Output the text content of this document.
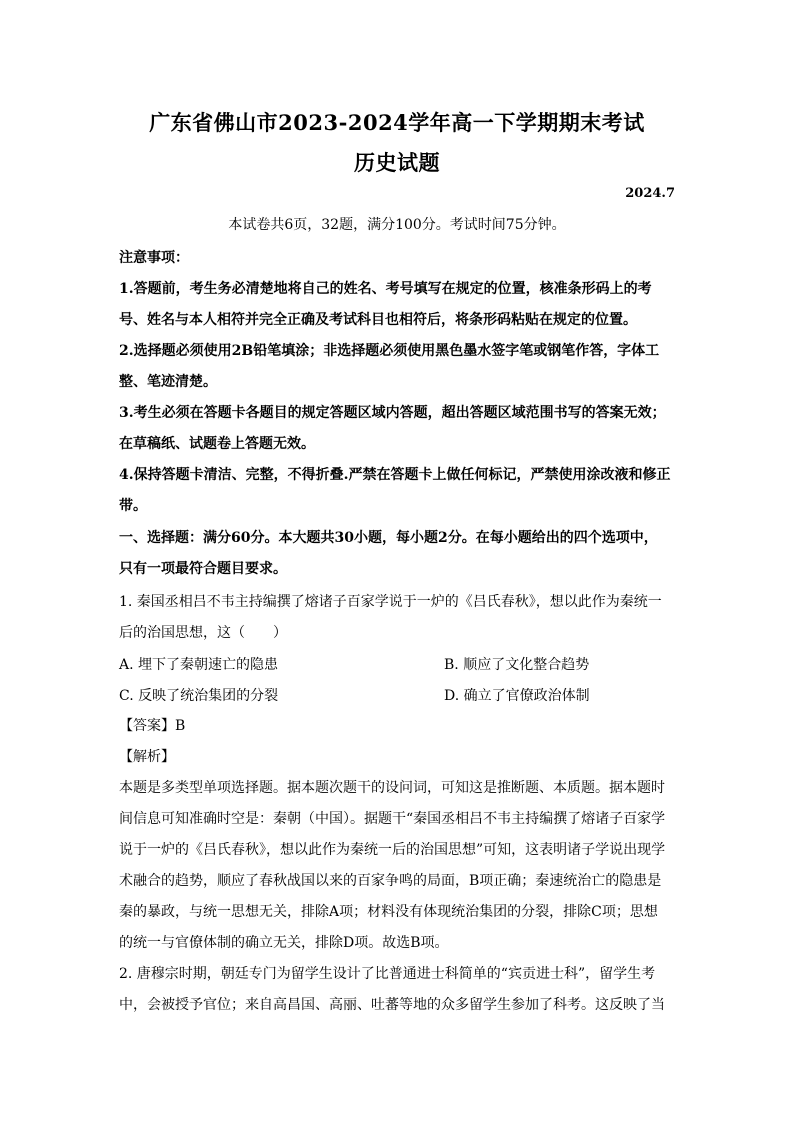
广东省佛山市2023-2024学年高一下学期期末考试
历史试题
2024.7
本试卷共6页，32题，满分100分。考试时间75分钟。
注意事项：
1.答题前，考生务必清楚地将自己的姓名、考号填写在规定的位置，核准条形码上的考
号、姓名与本人相符并完全正确及考试科目也相符后，将条形码粘贴在规定的位置。
2.选择题必须使用2B铅笔填涂；非选择题必须使用黑色墨水签字笔或钢笔作答，字体工
整、笔迹清楚。
3.考生必须在答题卡各题目的规定答题区域内答题，超出答题区域范围书写的答案无效；
在草稿纸、试题卷上答题无效。
4.保持答题卡清洁、完整，不得折叠.严禁在答题卡上做任何标记，严禁使用涂改液和修正
带。
一、选择题：满分60分。本大题共30小题，每小题2分。在每小题给出的四个选项中，
只有一项最符合题目要求。
1. 秦国丞相吕不韦主持编撰了熔诸子百家学说于一炉的《吕氏春秋》，想以此作为秦统一
后的治国思想，这（　　）
A. 埋下了秦朝速亡的隐患	B. 顺应了文化整合趋势
C. 反映了统治集团的分裂	D. 确立了官僚政治体制
【答案】B
【解析】
本题是多类型单项选择题。据本题次题干的设问词，可知这是推断题、本质题。据本题时
间信息可知准确时空是：秦朝（中国）。据题干“秦国丞相吕不韦主持编撰了熔诸子百家学
说于一炉的《吕氏春秋》，想以此作为秦统一后的治国思想”可知，这表明诸子学说出现学
术融合的趋势，顺应了春秋战国以来的百家争鸣的局面，B项正确；秦速统治亡的隐患是
秦的暴政，与统一思想无关，排除A项；材料没有体现统治集团的分裂，排除C项；思想
的统一与官僚体制的确立无关，排除D项。故选B项。
2. 唐穆宗时期，朝廷专门为留学生设计了比普通进士科简单的“宾贡进士科”，留学生考
中，会被授予官位；来自高昌国、高丽、吐蕃等地的众多留学生参加了科考。这反映了当
